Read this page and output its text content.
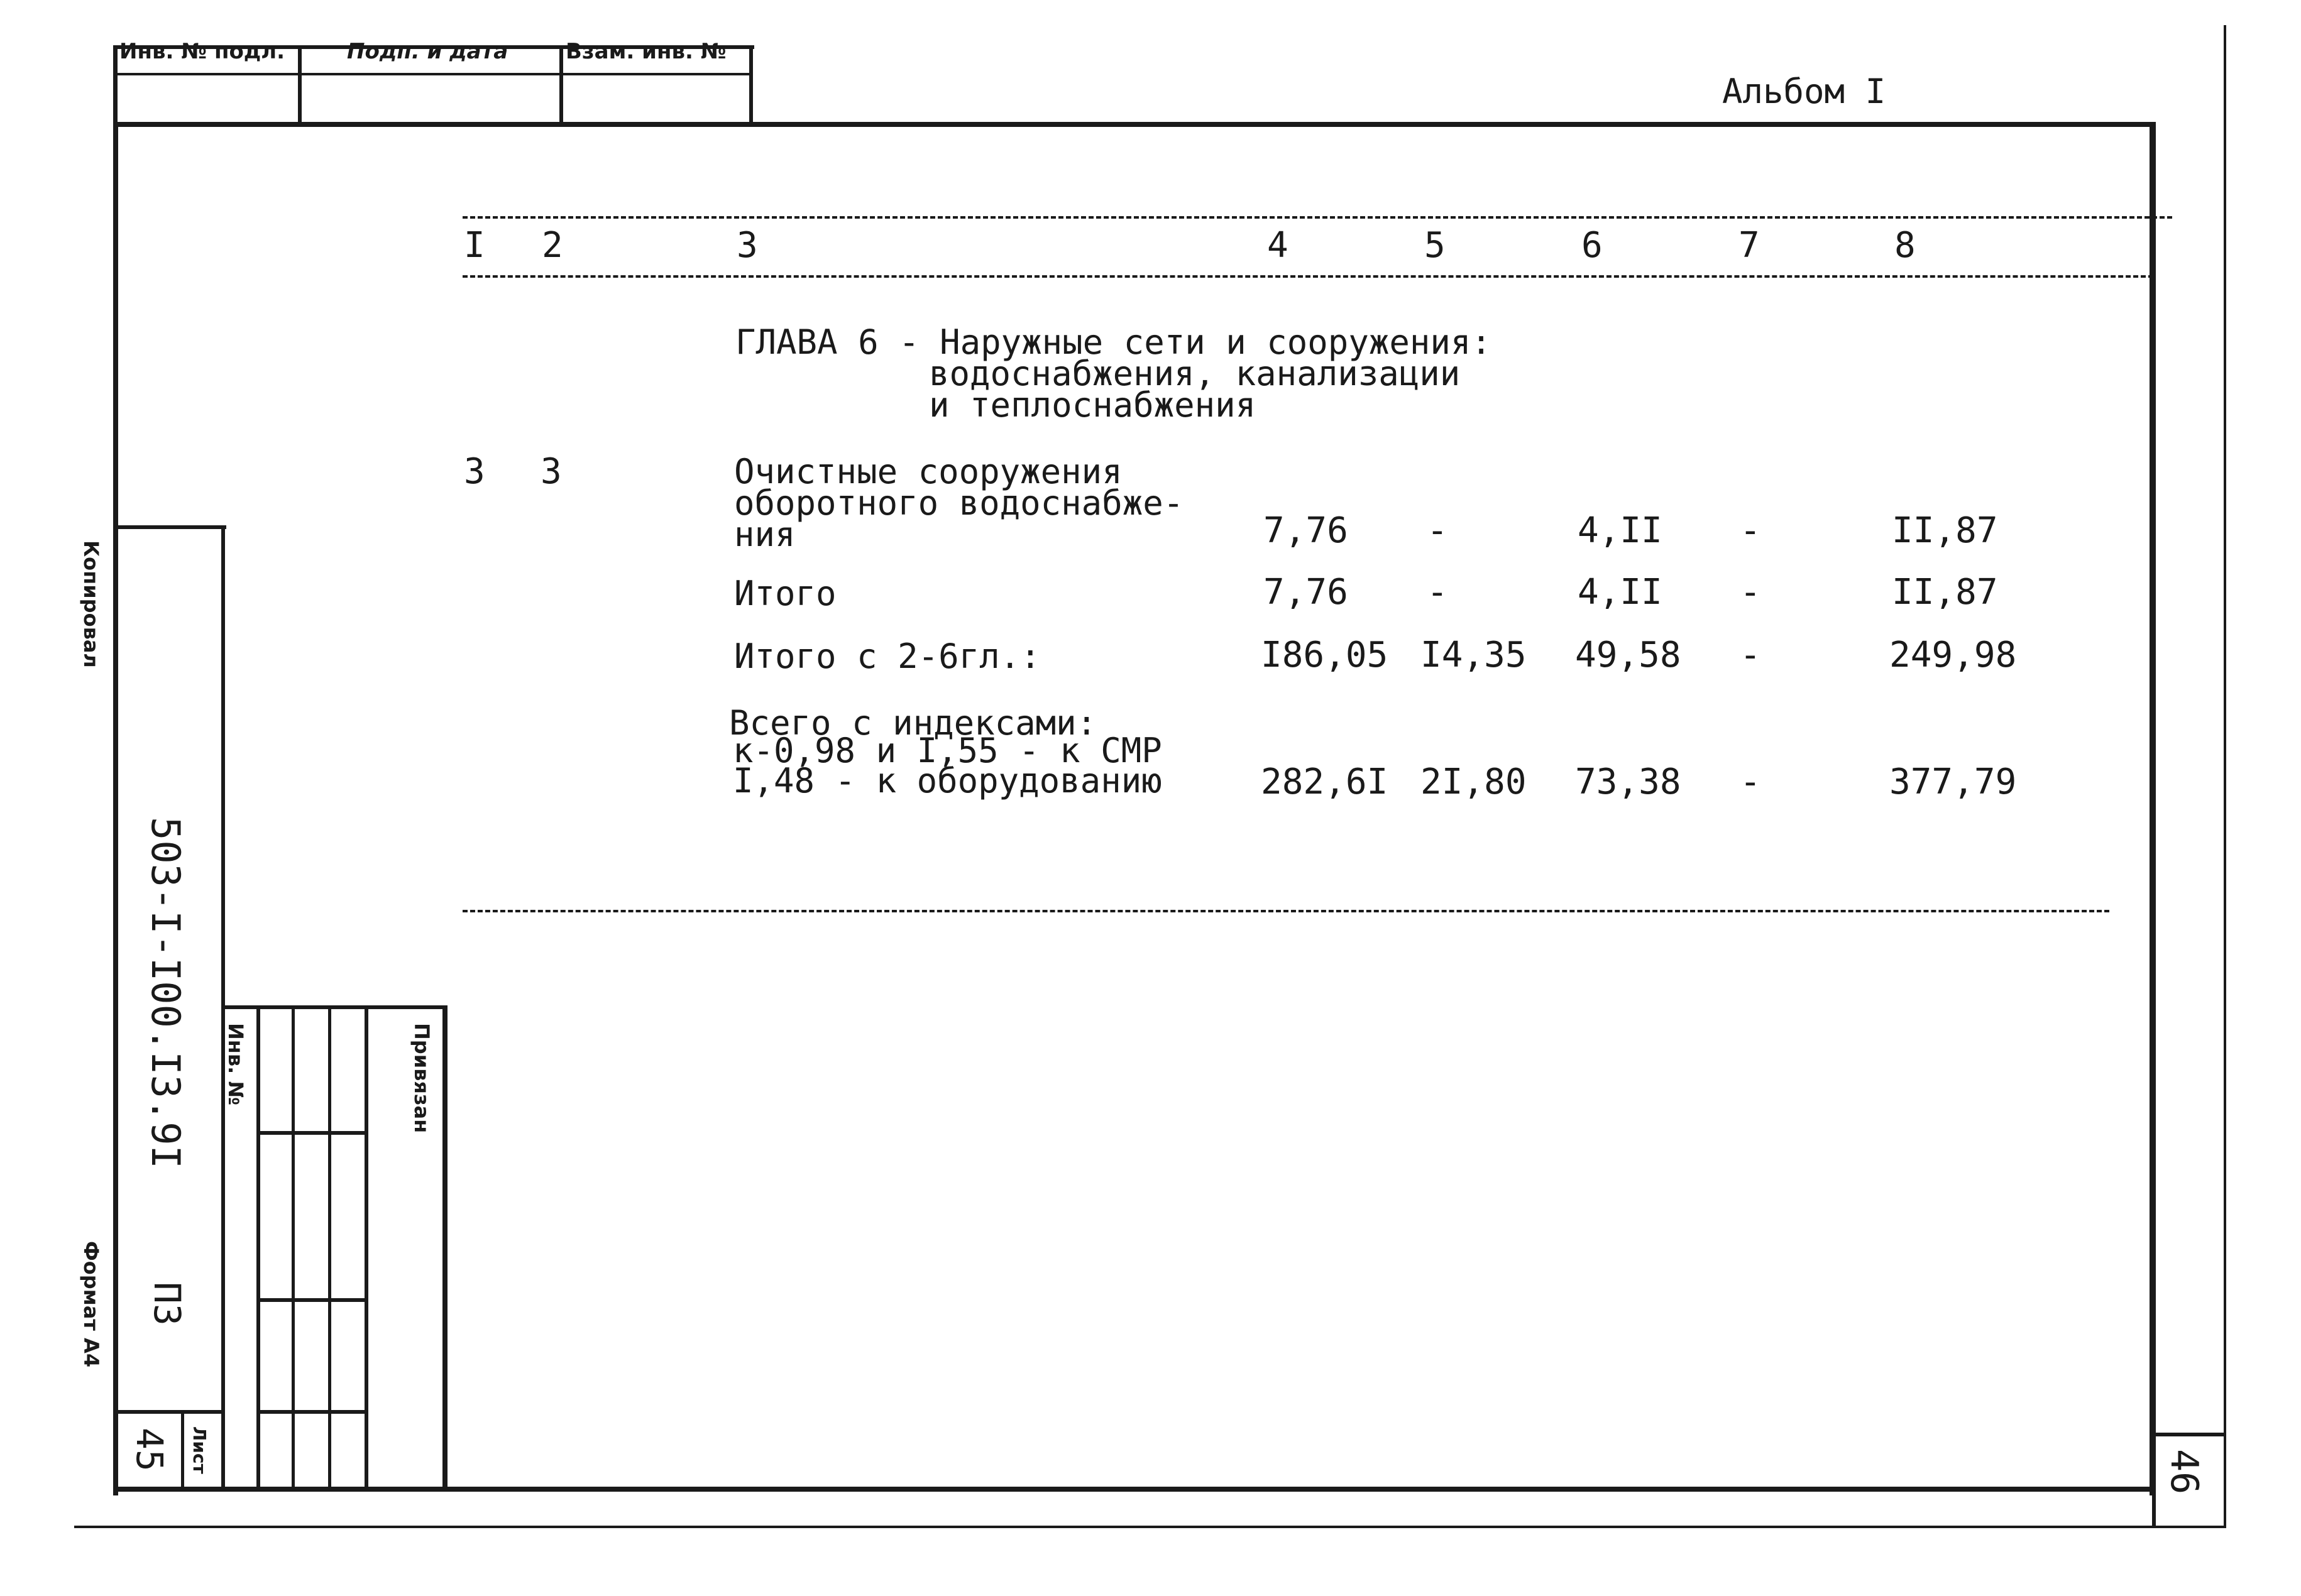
Инв. № подл.	Подп. и дата	Взам. инв. №
Альбом I
46
Копировал
Формат А4
503-I-I00.I3.9I
ПЗ
45 Лист
Инв. №	Привязан
I 2	3	4	5	6	7	8
ГЛАВА 6 - Наружные сети и сооружения:
водоснабжения, канализации
и теплоснабжения
3 3	Очистные сооружения
оборотного водоснабже-
ния	7,76 -	4,II -	II,87
Итого	7,76 -	4,II -	II,87
Итого с 2-6гл.:	I86,05 I4,35 49,58 -	249,98
Всего с индексами:
к-0,98 и I,55 - к СМР
I,48 - к оборудованию	282,6I 2I,80 73,38 -	377,79
